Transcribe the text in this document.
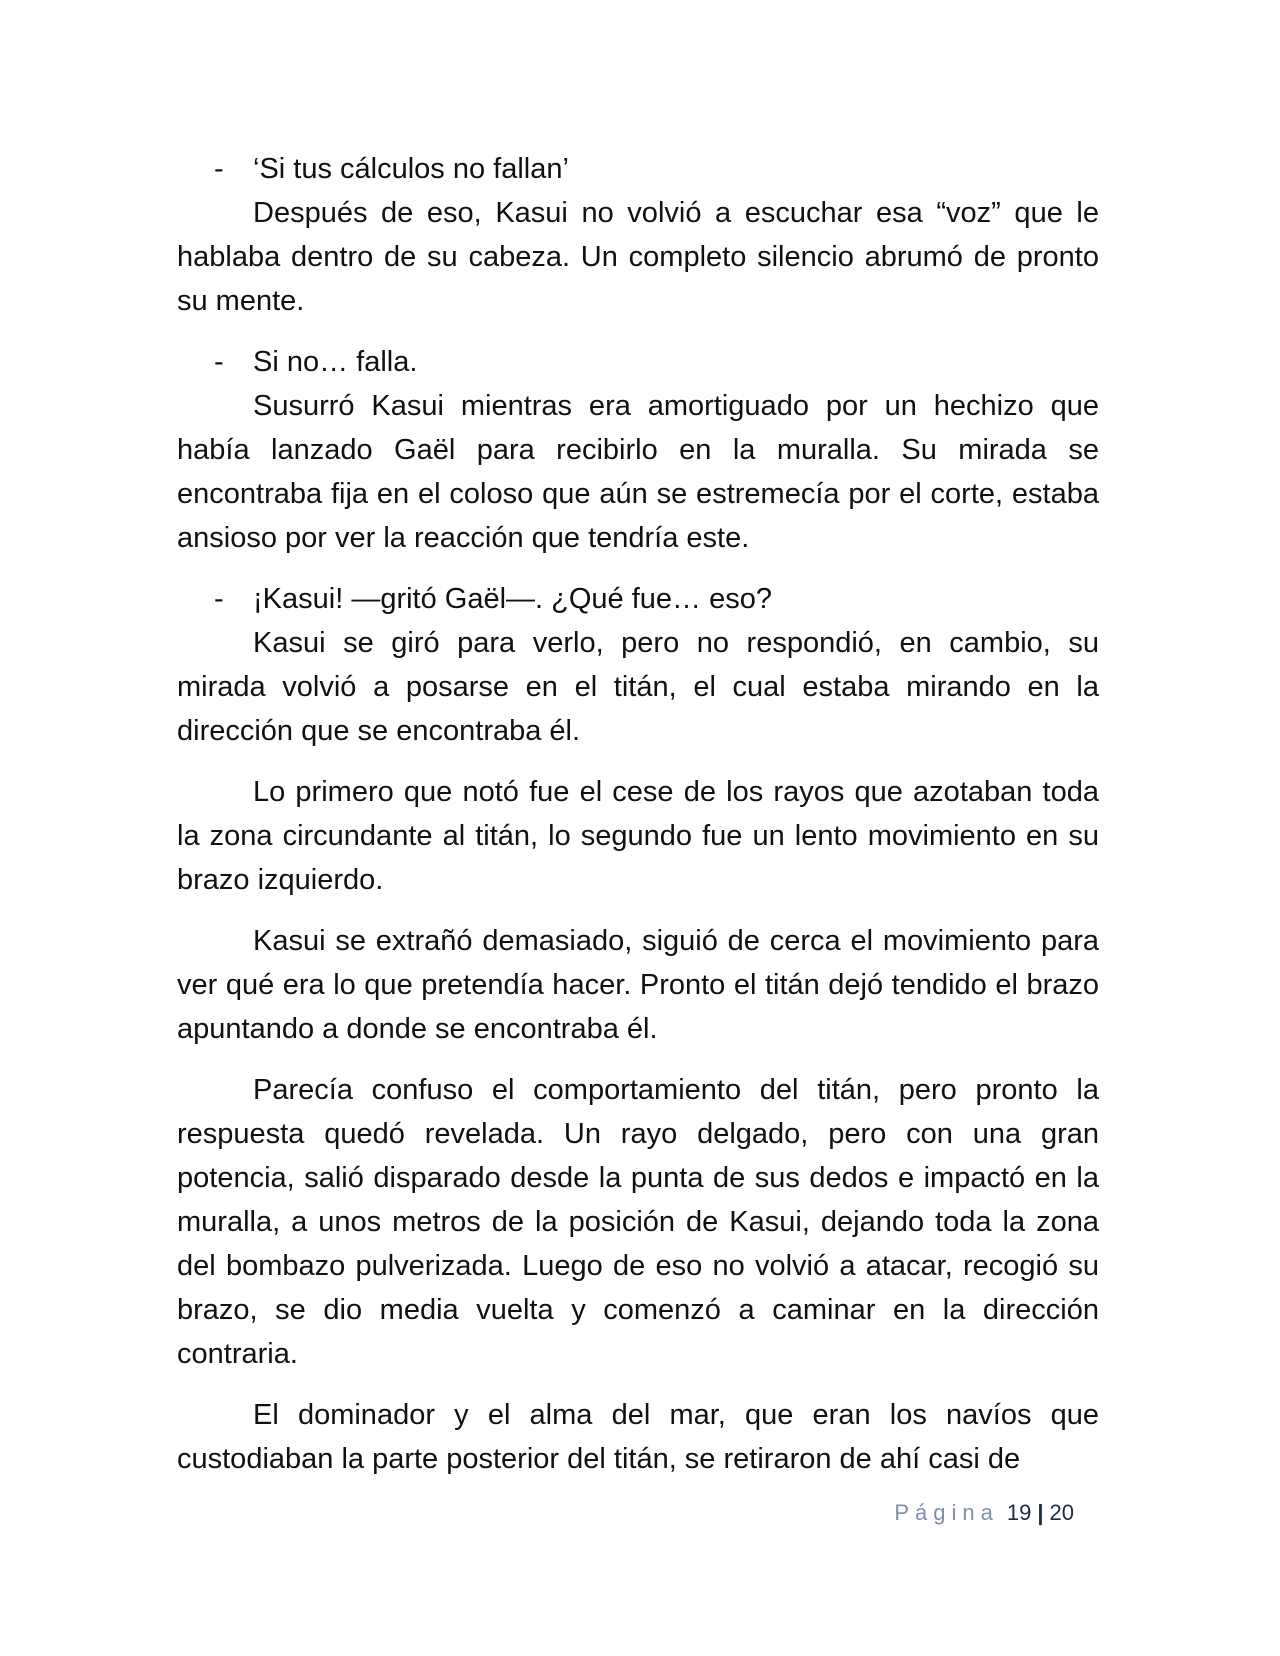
- ‘Si tus cálculos no fallan’

Después de eso, Kasui no volvió a escuchar esa “voz” que le hablaba dentro de su cabeza. Un completo silencio abrumó de pronto su mente.

- Si no… falla.

Susurró Kasui mientras era amortiguado por un hechizo que había lanzado Gaël para recibirlo en la muralla. Su mirada se encontraba fija en el coloso que aún se estremecía por el corte, estaba ansioso por ver la reacción que tendría este.

- ¡Kasui! —gritó Gaël—. ¿Qué fue… eso?

Kasui se giró para verlo, pero no respondió, en cambio, su mirada volvió a posarse en el titán, el cual estaba mirando en la dirección que se encontraba él.

Lo primero que notó fue el cese de los rayos que azotaban toda la zona circundante al titán, lo segundo fue un lento movimiento en su brazo izquierdo.

Kasui se extrañó demasiado, siguió de cerca el movimiento para ver qué era lo que pretendía hacer. Pronto el titán dejó tendido el brazo apuntando a donde se encontraba él.

Parecía confuso el comportamiento del titán, pero pronto la respuesta quedó revelada. Un rayo delgado, pero con una gran potencia, salió disparado desde la punta de sus dedos e impactó en la muralla, a unos metros de la posición de Kasui, dejando toda la zona del bombazo pulverizada. Luego de eso no volvió a atacar, recogió su brazo, se dio media vuelta y comenzó a caminar en la dirección contraria.

El dominador y el alma del mar, que eran los navíos que custodiaban la parte posterior del titán, se retiraron de ahí casi de

Página 19 | 20
